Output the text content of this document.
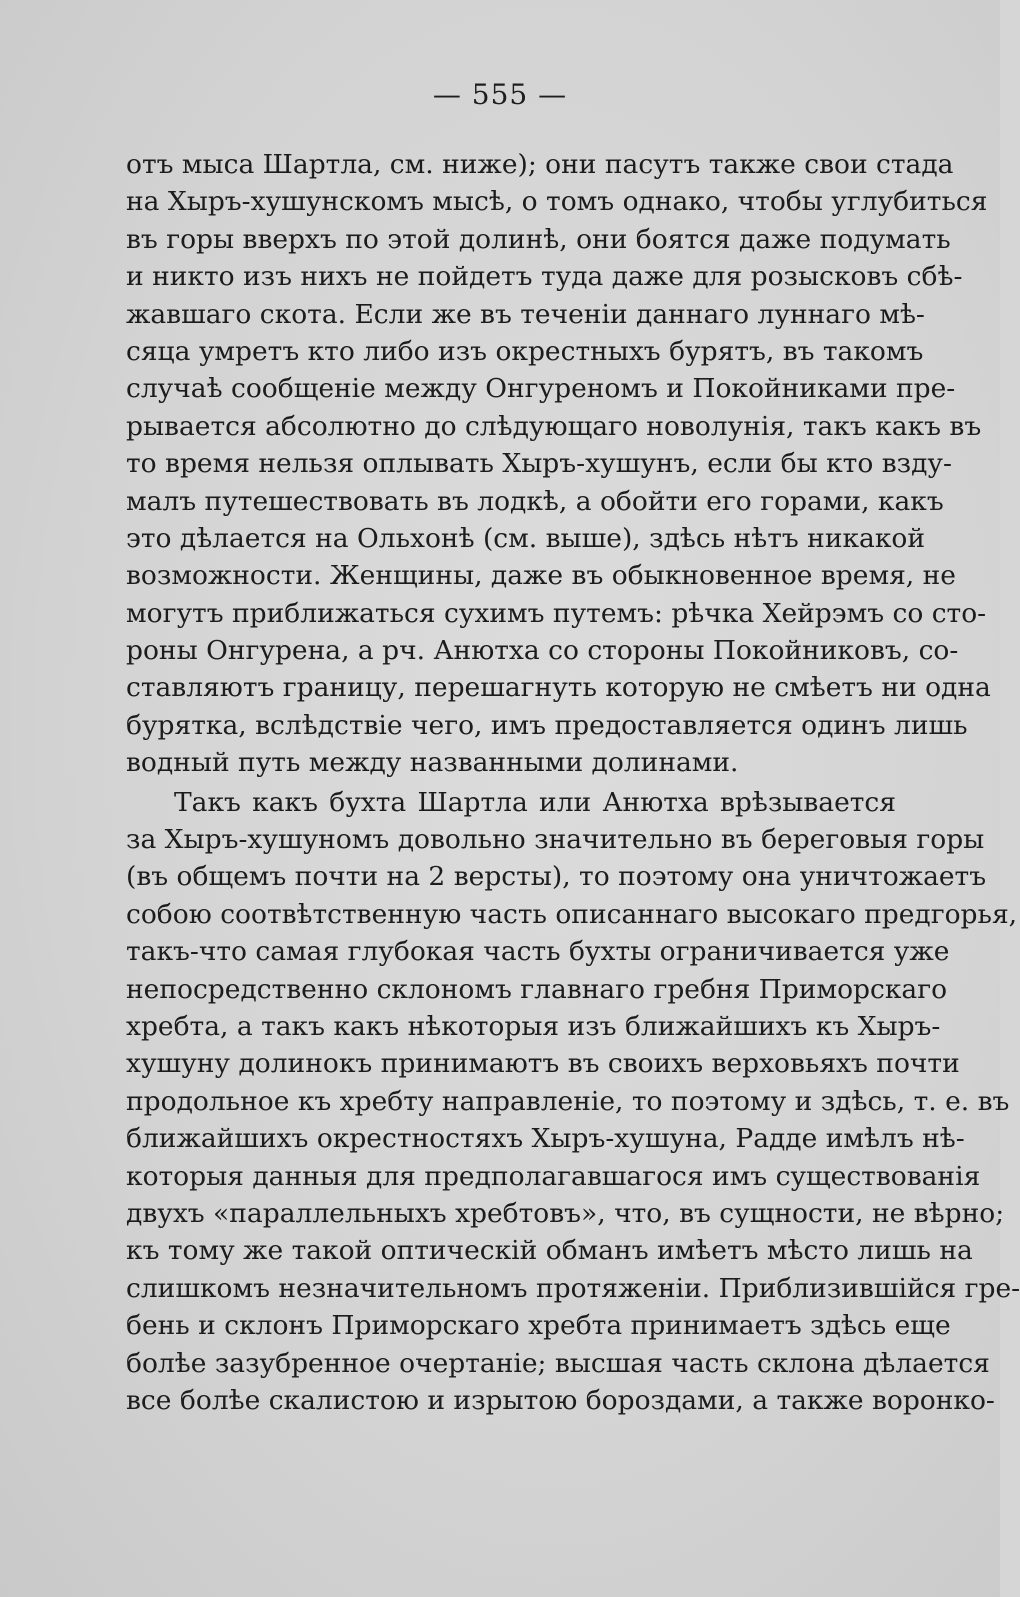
— 555 —
отъ мыса Шартла, см. ниже); они пасутъ также свои стада
на Хыръ-хушунскомъ мысѣ, о томъ однако, чтобы углубиться
въ горы вверхъ по этой долинѣ, они боятся даже подумать
и никто изъ нихъ не пойдетъ туда даже для розысковъ сбѣ-
жавшаго скота. Если же въ теченіи даннаго луннаго мѣ-
сяца умретъ кто либо изъ окрестныхъ бурятъ, въ такомъ
случаѣ сообщеніе между Онгуреномъ и Покойниками пре-
рывается абсолютно до слѣдующаго новолунія, такъ какъ въ
то время нельзя оплывать Хыръ-хушунъ, если бы кто взду-
малъ путешествовать въ лодкѣ, а обойти его горами, какъ
это дѣлается на Ольхонѣ (см. выше), здѣсь нѣтъ никакой
возможности. Женщины, даже въ обыкновенное время, не
могутъ приближаться сухимъ путемъ: рѣчка Хейрэмъ со сто-
роны Онгурена, а рч. Анютха со стороны Покойниковъ, со-
ставляютъ границу, перешагнуть которую не смѣетъ ни одна
бурятка, вслѣдствіе чего, имъ предоставляется одинъ лишь
водный путь между названными долинами.
Такъ какъ бухта Шартла или Анютха врѣзывается
за Хыръ-хушуномъ довольно значительно въ береговыя горы
(въ общемъ почти на 2 версты), то поэтому она уничтожаетъ
собою соотвѣтственную часть описаннаго высокаго предгорья,
такъ-что самая глубокая часть бухты ограничивается уже
непосредственно склономъ главнаго гребня Приморскаго
хребта, а такъ какъ нѣкоторыя изъ ближайшихъ къ Хыръ-
хушуну долинокъ принимаютъ въ своихъ верховьяхъ почти
продольное къ хребту направленіе, то поэтому и здѣсь, т. е. въ
ближайшихъ окрестностяхъ Хыръ-хушуна, Радде имѣлъ нѣ-
которыя данныя для предполагавшагося имъ существованія
двухъ «параллельныхъ хребтовъ», что, въ сущности, не вѣрно;
къ тому же такой оптическій обманъ имѣетъ мѣсто лишь на
слишкомъ незначительномъ протяженіи. Приблизившійся гре-
бень и склонъ Приморскаго хребта принимаетъ здѣсь еще
болѣе зазубренное очертаніе; высшая часть склона дѣлается
все болѣе скалистою и изрытою бороздами, а также воронко-
